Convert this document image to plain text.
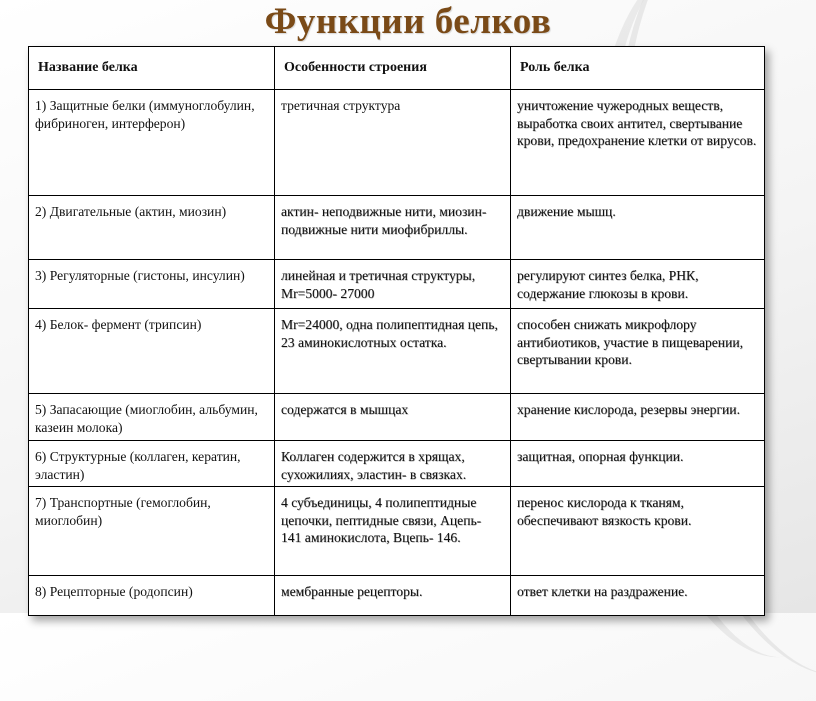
Функции белков
Название белка	Особенности строения	Роль белка
1) Защитные белки (иммуноглобулин, фибриноген, интерферон)	третичная структура	уничтожение чужеродных веществ, выработка своих антител, свертывание крови, предохранение клетки от вирусов.
2) Двигательные (актин, миозин)	актин- неподвижные нити, миозин- подвижные нити миофибриллы.	движение мышц.
3) Регуляторные (гистоны, инсулин)	линейная и третичная структуры, Mr=5000- 27000	регулируют синтез белка, РНК, содержание глюкозы в крови.
4) Белок- фермент (трипсин)	Mr=24000, одна полипептидная цепь, 23 аминокислотных остатка.	способен снижать микрофлору антибиотиков, участие в пищеварении, свертывании крови.
5) Запасающие (миоглобин, альбумин, казеин молока)	содержатся в мышцах	хранение кислорода, резервы энергии.
6) Структурные (коллаген, кератин, эластин)	Коллаген содержится в хрящах, сухожилиях, эластин- в связках.	защитная, опорная функции.
7) Транспортные (гемоглобин, миоглобин)	4 субъединицы, 4 полипептидные цепочки, пептидные связи, Ацепь- 141 аминокислота, Вцепь- 146.	перенос кислорода к тканям, обеспечивают вязкость крови.
8) Рецепторные (родопсин)	мембранные рецепторы.	ответ клетки на раздражение.
